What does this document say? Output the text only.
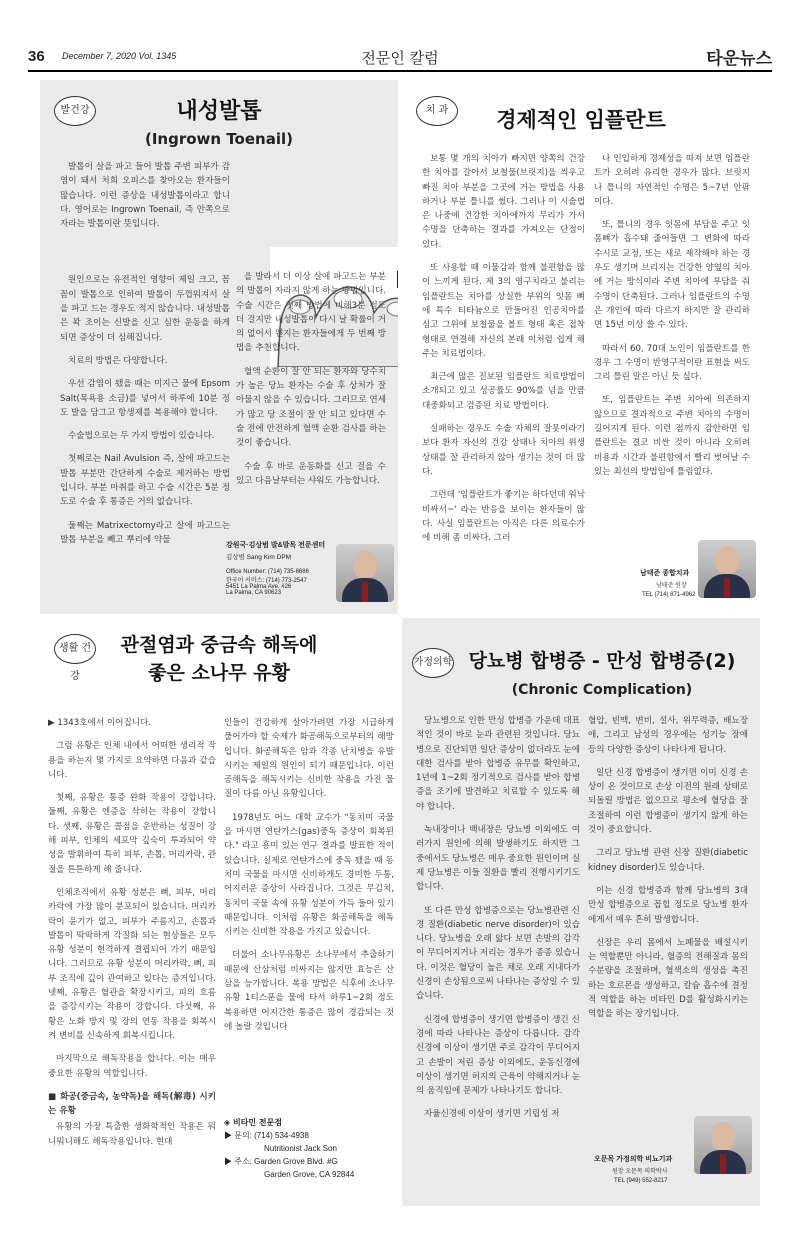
36 December 7, 2020 Vol. 1345	전문인 칼럼	타운뉴스
발건강	내성발톱
(Ingrown Toenail)

발톱이 살을 파고 들어 발톱 주변 피부가 감염이 돼서 처희 오피스를 찾아오는 환자들이 많습니다. 이런 증상을 내성발톱이라고 합니다. 영어로는 Ingrown Toenail, 즉 안쪽으로 자라는 발톱이란 뜻입니다.

원인으로는 유전적인 영향이 제일 크고, 꼼꼼이 발톱으로 인하여 발톱이 두껍워져서 살을 파고 드는 경우도 적지 않습니다. 내성발톱은 꽉 조이는 신발을 신고 심한 운동을 하게 되면 증상이 더 심해집니다.

치료의 방법은 다양합니다.

우선 감염이 됐을 때는 미지근 물에 Epsom Salt(목욕용 소금)를 넣어서 하루에 10분 정도 발을 담그고 항생제를 복용해야 합니다.

수술법으로는 두 가지 방법이 있습니다.

첫째로는 Nail Avulsion 즉, 살에 파고드는 발톱 부분만 간단하게 수술로 제거하는 방법입니다. 부분 마취를 하고 수술 시간은 5분 정도로 수술 후 통증은 거의 없습니다.

둘째는 Matrixectomy라고 살에 파고드는 발톱 부분을 빼고 뿌리에 약물

을 발라서 더 이상 살에 파고드는 부분의 발톱이 자라지 않게 하는 방법입니다. 수술 시간은 첫째 방법에 비해3분 정도 더 걸지만 내성발톱이 다시 날 확률이 거의 없어서 웬지는 환자들에게 두 번째 방법을 추천합니다.

혈액 순환이 잘 안 되는 환자와 당수치가 높은 당뇨 환자는 수술 후 상처가 잘 아물지 않을 수 있습니다. 그러므로 연세가 많고 당 조절이 잘 안 되고 있다면 수술 전에 안전하게 혈액 순환 검사를 하는 것이 좋습니다.

수술 후 바로 운동화를 신고 걸을 수 있고 다음날부터는 샤워도 가능합니다.

강원국·김상범 발&발목 전문센터
김상범 Sang Kim DPM
Office Number: (714) 735-8686
한국어 서비스: (714) 773-2547
5451 La Palma Ave. #26
La Palma, CA 90623
치 과	경제적인 임플란트

보통 몇 개의 치아가 빠지면 양쪽의 건강한 치아를 갈아서 보철물(브릿지)을 씌우고 빠진 치아 부분을 그곳에 거는 방법을 사용하거나 부분 틀니를 썼다. 그러나 이 시술법은 나중에 건강한 치아에까지 무리가 가서 수명을 단축하는 결과를 가져오는 단점이 있다.

또 사용할 때 이물감과 함께 불편함을 많이 느끼게 된다. 제 3의 영구치라고 불리는 임플란트는 치아를 상실한 부위의 잇몸 뼈에 특수 티타늄으로 만들어진 인공치아를 심고 그위에 보철물을 볼트 형태 혹은 접착 형태로 연결해 자신의 본래 이처럼 쉽게 해주는 치료법이다.

최근에 많은 진보된 임플란트 치료방법이 소개되고 있고 성공률도 90%를 넘을 만큼 대중화되고 검증된 치료 방법이다.

실패하는 경우도 수술 자체의 잘못이라기보다 환자 자신의 건강 상태나 치아의 위생상태를 잘 관리하지 않아 생기는 것이 더 많다.

그런데 '임플란트가 좋기는 하다던데 워낙 비싸서~' 라는 반응을 보이는 환자들이 많다. 사실 임플란트는 아직은 다른 의료수가에 비해 좀 비싸다. 그러

나 인입하게 경제성을 따져 보면 임플란트가 오히려 유리한 경우가 많다. 브릿지나 틀니의 자연적인 수명은 5~7년 안팎이다.

또, 틀니의 경우 잇몸에 부담을 주고 잇몸뼈가 흡수돼 줄어들면 그 변화에 따라 수시로 교정, 또는 새로 제작해야 하는 경우도 생기며 브리지는 건강한 양옆의 치아에 거는 방식이라 주변 치아에 부담을 줘 수명이 단축된다. 그러나 임플란트의 수명은 개인에 따라 다르기 하지만 잘 관리하면 15년 이상 쓸 수 있다.

따라서 60, 70대 노인이 임플란트를 한 경우 그 수명이 반영구적이란 표현을 써도 그리 틀린 말은 아닌 듯 싶다.

또, 임플란트는 주변 치아에 의존하지 않으므로 결과적으로 주변 치아의 수명이 길어지게 된다. 이런 점까지 감안하면 임플란트는 결코 비싼 것이 아니라 오히려 비용과 시간과 불편함에서 빨리 벗어날 수 있는 최선의 방법임에 틀림없다.

남태준 종합치과
남태준 원장
TEL (714) 871-4962
생활 건강
관절염과 중금속 해독에
좋은 소나무 유황

▶ 1343호에서 이어집니다.

그럼 유황은 인체 내에서 어떠한 생리적 작용을 하는지 몇 가지로 요약하면 다음과 같습니다.

첫째, 유황은 통증 완화 작용이 강합니다. 둘째, 유황은 엔증을 삭히는 작용이 강합니다. 셋째, 유황은 콜점을 운반하는 성질이 강해 피부, 인체의 세포막 깊숙이 투과되어 약성을 발휘하여 특히 피부, 손톱, 머리카락, 관절을 튼튼하게 해 줍니다.

인체조직에서 유황 성분은 뼈, 피부, 머리카락에 가장 많이 분포되어 있습니다. 머리카락이 윤기가 없고, 피부가 주름지고, 손톱과 발톱이 딱딱하게 각질화 되는 현상들은 모두 유황 성분이 현격하게 결핍되어 가기 때문입니다. 그러므로 유황 성분이 머리카락, 뼈, 피부 조직에 깊이 관여하고 있다는 증거입니다. 넷째, 유황은 혈관을 확장시키고, 피의 흐름을 증강시키는 작용이 강합니다. 다섯째, 유황은 노화 방지 및 장의 연동 작용을 회복시켜 변비를 신속하게 회복시킵니다.

마지막으로 해독작용을 합니다. 이는 매우 중요한 유황의 역할입니다.

■ 화공(중금속, 농약독)을 해독(解毒) 시키는 유황

유황의 가장 특출한 생화학적인 작용은 뭐니뭐니해도 해독작용입니다. 현대

인들이 건강하게 살아가려면 가장 시급하게 풀어가야 할 숙제가 화공해독으로부터의 해방입니다. 화공해독은 암과 각종 난치병을 유발시키는 제일의 원인이 되기 때문입니다. 이런 공해독을 해독시키는 신비한 작용을 가진 물질이 다름 아닌 유황입니다.

1978년도 어느 대학 교수가 "동치미 국물을 마시면 연탄가스(gas)중독 증상이 회복된다." 라고 흥미 있는 연구 결과를 발표한 적이 있습니다. 실제로 연탄가스에 중독 됐을 때 동치미 국물을 마시면 신비하게도 경미한 두통, 어지러운 증상이 사라집니다. 그것은 무김치, 동치미 국물 속에 유황 성분이 가득 들어 있기 때문입니다. 이처럼 유황은 화공해독을 해독시키는 신비한 작용을 가지고 있습니다.

더불어 소나무유황은 소나무에서 추출하기 때문에 산삼처럼 비싸지는 않지만 효능은 산삼을 능가합니다. 복용 방법은 식후에 소나무 유황 1티스푼을 물에 타서 하루1~2회 정도 복용하면 어지간한 통증은 많이 경감되는 것에 놀랄 것입니다

◈ 비타민 전문점
▶ 문의: (714) 534-4938
Nutritionist Jack Son
▶ 주소: Garden Grove Blvd. #G
Garden Grove, CA 92844
가정의학 당뇨병 합병증 - 만성 합병증(2)
(Chronic Complication)

당뇨병으로 인한 만성 합병증 가운데 대표적인 것이 바로 눈과 관련된 것입니다. 당뇨병으로 진단되면 일단 증상이 없더라도 눈에 대한 검사를 받아 합병증 유무를 확인하고, 1년에 1~2회 정기적으로 검사를 받아 합병증을 조기에 발견하고 치료할 수 있도록 해야 합니다.

녹내장이나 백내장은 당뇨병 이외에도 여러가지 원인에 의해 발생하기도 하지만 그 중에서도 당뇨병은 매우 중요한 원인이며 실제 당뇨병은 이들 질환을 빨리 진행시키기도 합니다.

또 다른 만성 합병증으로는 당뇨병관련 신경 질환(diabetic nerve disorder)이 있습니다. 당뇨병을 오래 앓다 보면 손발의 감각이 무디어지거나 저리는 경우가 종종 있습니다. 이것은 혈당이 높은 채로 오래 지내다가 신경이 손상됨으로써 나타나는 증상일 수 있습니다.

신경에 합병증이 생기면 합병증이 생긴 신경에 따라 나타나는 증상이 다릅니다. 감각신경에 이상이 생기면 주로 감각이 무디어지고 손발이 저린 증상 이외에도, 운동신경에 이상이 생기면 허지의 근육이 약해지거나 눈의 움직임에 문제가 나타나기도 합니다.

자율신경에 이상이 생기면 기립성 저

혈압, 빈맥, 변비, 설사, 위무력증, 배뇨장애, 그리고 남성의 경우에는 성기능 장애 등의 다양한 증상이 나타나게 됩니다.

일단 신경 합병증이 생기면 이미 신경 손상이 온 것이므로 손상 이전의 원래 상태로 되돌릴 방법은 없으므로 평소에 혈당을 잘 조절하여 이런 합병증이 생기지 않게 하는 것이 중요합니다.

그리고 당뇨병 관련 신장 질환(diabetic kidney disorder)도 있습니다.

이는 신경 합병증과 함께 당뇨병의 3대 만성 합병증으로 꼽힐 정도로 당뇨병 환자에게서 매우 흔히 발생합니다.

신장은 우리 몸에서 노폐물을 배설시키는 역할뿐만 아니라, 혈증의 전해질과 몸의 수분량을 조절하며, 혈색소의 생성을 촉진하는 호르몬을 생성하고, 칼슘 흡수에 결정적 역할을 하는 비타민 D를 활성화시키는 역할을 하는 장기입니다.

오문목 가정의학 비뇨기과
원장 오문목 의학박사
TEL (949) 552-8217
